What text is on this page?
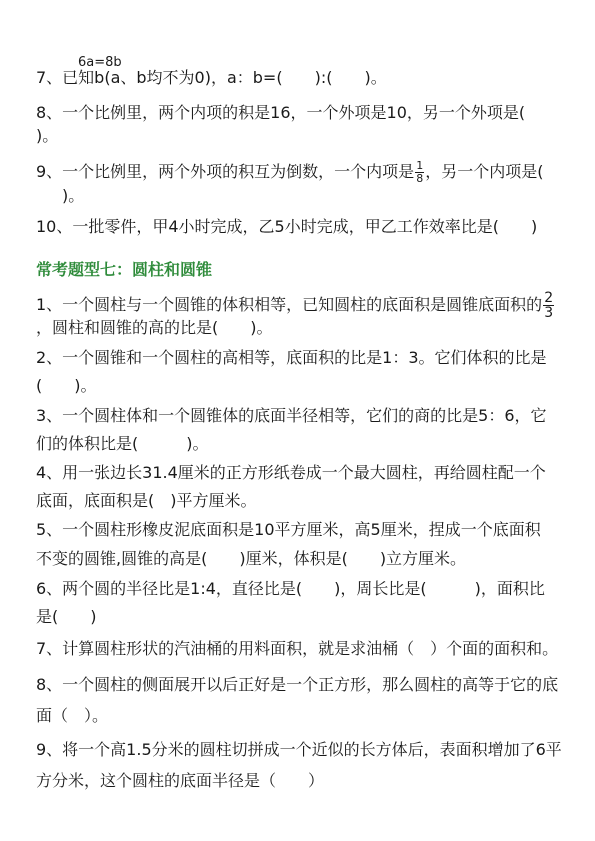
6a=8b
7、已知b(a、b均不为0)，a：b=(　　):(　　)。
8、一个比例里，两个内项的积是16，一个外项是10，另一个外项是(
)。
9、一个比例里，两个外项的积互为倒数，一个内项是 $\frac{1}{8}$ ，另一个内项是(
)。
10、一批零件，甲4小时完成，乙5小时完成，甲乙工作效率比是(　　)
常考题型七：圆柱和圆锥
1、一个圆柱与一个圆锥的体积相等，已知圆柱的底面积是圆锥底面积的 $\frac{2}{3}$
，圆柱和圆锥的高的比是(　　)。
2、一个圆锥和一个圆柱的高相等，底面积的比是1：3。它们体积的比是
(　　)。
3、一个圆柱体和一个圆锥体的底面半径相等，它们的商的比是5：6，它
们的体积比是(　　　)。
4、用一张边长31.4厘米的正方形纸卷成一个最大圆柱，再给圆柱配一个
底面，底面积是(　)平方厘米。
5、一个圆柱形橡皮泥底面积是10平方厘米，高5厘米，捏成一个底面积
不变的圆锥,圆锥的高是(　　)厘米，体积是(　　)立方厘米。
6、两个圆的半径比是1:4，直径比是(　　)，周长比是(　　　)，面积比
是(　　)
7、计算圆柱形状的汽油桶的用料面积，就是求油桶（　）个面的面积和。
8、一个圆柱的侧面展开以后正好是一个正方形，那么圆柱的高等于它的底
面（　）。
9、将一个高1.5分米的圆柱切拼成一个近似的长方体后，表面积增加了6平
方分米，这个圆柱的底面半径是（　　）
